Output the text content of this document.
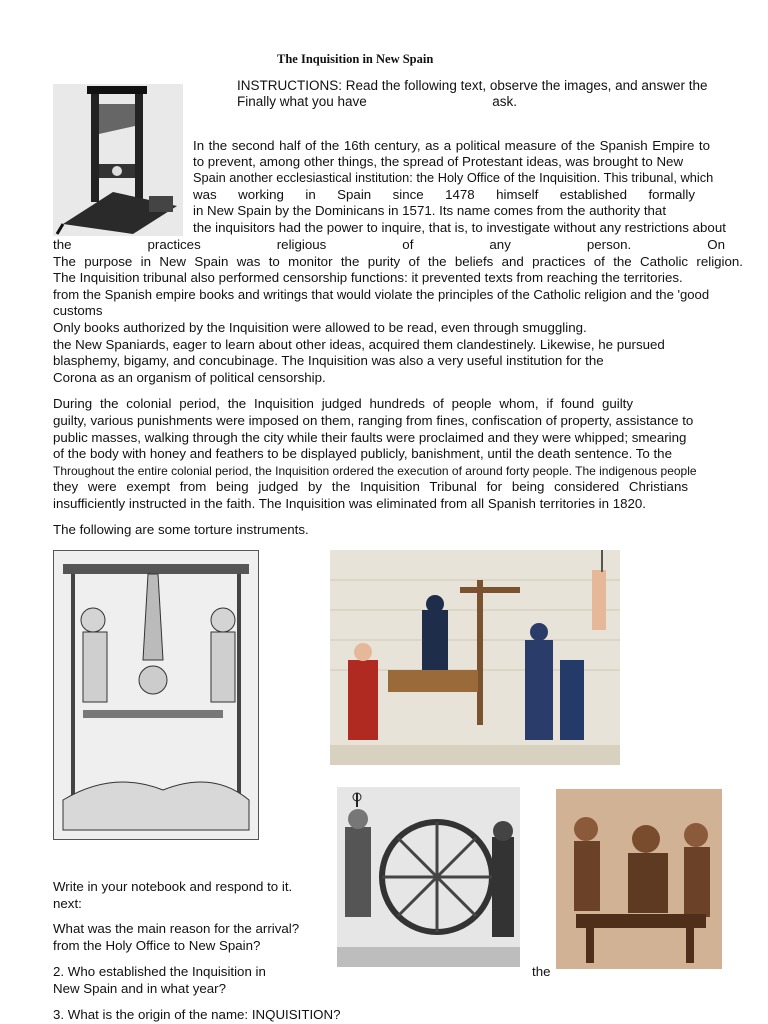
The Inquisition in New Spain
INSTRUCTIONS: Read the following text, observe the images, and answer the
Finally what you have	ask.
In the second half of the 16th century, as a political measure of the Spanish Empire to
to prevent, among other things, the spread of Protestant ideas, was brought to New
Spain another ecclesiastical institution: the Holy Office of the Inquisition. This tribunal, which
was working in Spain since 1478 himself established formally
in New Spain by the Dominicans in 1571. Its name comes from the authority that
the inquisitors had the power to inquire, that is, to investigate without any restrictions about
the practices religious of any person. On
The purpose in New Spain was to monitor the purity of the beliefs and practices of the Catholic religion.
The Inquisition tribunal also performed censorship functions: it prevented texts from reaching the territories.
from the Spanish empire books and writings that would violate the principles of the Catholic religion and the 'good
customs
Only books authorized by the Inquisition were allowed to be read, even through smuggling.
the New Spaniards, eager to learn about other ideas, acquired them clandestinely. Likewise, he pursued
blasphemy, bigamy, and concubinage. The Inquisition was also a very useful institution for the
Corona as an organism of political censorship.
During the colonial period, the Inquisition judged hundreds of people whom, if found guilty
guilty, various punishments were imposed on them, ranging from fines, confiscation of property, assistance to
public masses, walking through the city while their faults were proclaimed and they were whipped; smearing
of the body with honey and feathers to be displayed publicly, banishment, until the death sentence. To the
Throughout the entire colonial period, the Inquisition ordered the execution of around forty people. The indigenous people
they were exempt from being judged by the Inquisition Tribunal for being considered Christians
insufficiently instructed in the faith. The Inquisition was eliminated from all Spanish territories in 1820.
The following are some torture instruments.
Write in your notebook and respond to it.
next:
What was the main reason for the arrival?
from the Holy Office to New Spain?
2. Who established the Inquisition in
New Spain and in what year?
the
3. What is the origin of the name: INQUISITION?
